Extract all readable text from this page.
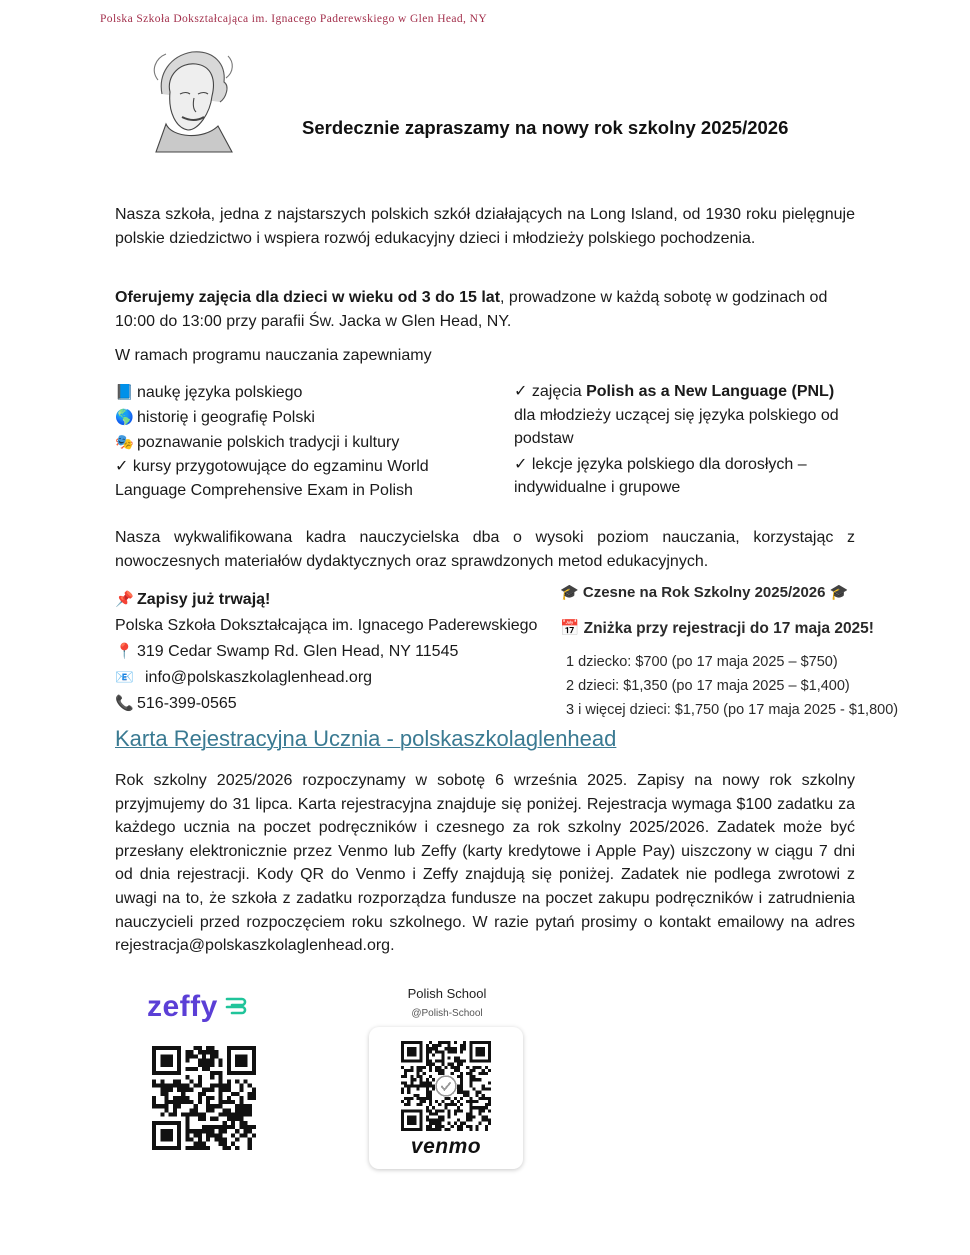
Polska Szkoła Dokształcająca im. Ignacego Paderewskiego w Glen Head, NY
Serdecznie zapraszamy na nowy rok szkolny 2025/2026
Nasza szkoła, jedna z najstarszych polskich szkół działających na Long Island, od 1930 roku pielęgnuje polskie dziedzictwo i wspiera rozwój edukacyjny dzieci i młodzieży polskiego pochodzenia.
Oferujemy zajęcia dla dzieci w wieku od 3 do 15 lat, prowadzone w każdą sobotę w godzinach od 10:00 do 13:00 przy parafii Św. Jacka w Glen Head, NY.
W ramach programu nauczania zapewniamy
📘 naukę języka polskiego
🌎 historię i geografię Polski
🎭 poznawanie polskich tradycji i kultury
✓ kursy przygotowujące do egzaminu World Language Comprehensive Exam in Polish
✓ zajęcia Polish as a New Language (PNL) dla młodzieży uczącej się języka polskiego od podstaw
✓ lekcje języka polskiego dla dorosłych – indywidualne i grupowe
Nasza wykwalifikowana kadra nauczycielska dba o wysoki poziom nauczania, korzystając z nowoczesnych materiałów dydaktycznych oraz sprawdzonych metod edukacyjnych.
📌 Zapisy już trwają!
Polska Szkoła Dokształcająca im. Ignacego Paderewskiego
📍 319 Cedar Swamp Rd. Glen Head, NY 11545
📧 info@polskaszkolaglenhead.org
📞 516-399-0565
🎓 Czesne na Rok Szkolny 2025/2026 🎓
📅 Zniżka przy rejestracji do 17 maja 2025!
1 dziecko: $700 (po 17 maja 2025 – $750)
2 dzieci: $1,350 (po 17 maja 2025 – $1,400)
3 i więcej dzieci: $1,750 (po 17 maja 2025 - $1,800)
Karta Rejestracyjna Ucznia - polskaszkolaglenhead
Rok szkolny 2025/2026 rozpoczynamy w sobotę 6 września 2025. Zapisy na nowy rok szkolny przyjmujemy do 31 lipca. Karta rejestracyjna znajduje się poniżej. Rejestracja wymaga $100 zadatku za każdego ucznia na poczet podręczników i czesnego za rok szkolny 2025/2026. Zadatek może być przesłany elektronicznie przez Venmo lub Zeffy (karty kredytowe i Apple Pay) uiszczony w ciągu 7 dni od dnia rejestracji. Kody QR do Venmo i Zeffy znajdują się poniżej. Zadatek nie podlega zwrotowi z uwagi na to, że szkoła z zadatku rozporządza fundusze na poczet zakupu podręczników i zatrudnienia nauczycieli przed rozpoczęciem roku szkolnego. W razie pytań prosimy o kontakt emailowy na adres rejestracja@polskaszkolaglenhead.org.
zeffy	Polish School
@Polish-School
venmo
